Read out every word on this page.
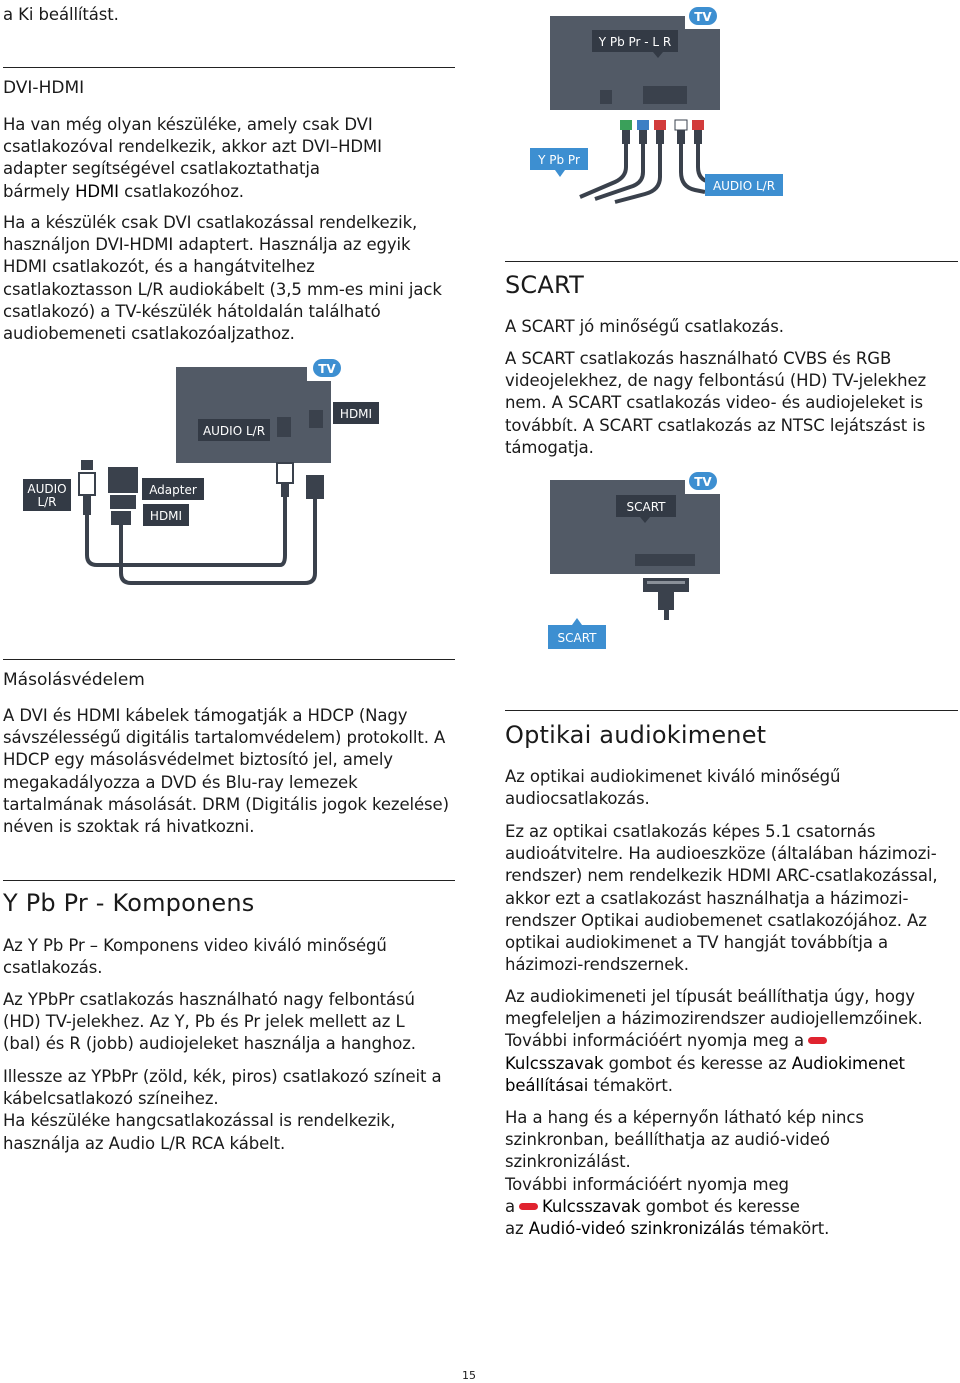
a Ki beállítást.

DVI-HDMI

Ha van még olyan készüléke, amely csak DVI
csatlakozóval rendelkezik, akkor azt DVI–HDMI
adapter segítségével csatlakoztathatja
bármely HDMI csatlakozóhoz.

Ha a készülék csak DVI csatlakozással rendelkezik,
használjon DVI-HDMI adaptert. Használja az egyik
HDMI csatlakozót, és a hangátvitelhez
csatlakoztasson L/R audiokábelt (3,5 mm-es mini jack
csatlakozó) a TV-készülék hátoldalán található
audiobemeneti csatlakozóaljzathoz.

TV
AUDIO L/R
HDMI
AUDIO
L/R
Adapter
HDMI
Másolásvédelem

A DVI és HDMI kábelek támogatják a HDCP (Nagy
sávszélességű digitális tartalomvédelem) protokollt. A
HDCP egy másolásvédelmet biztosító jel, amely
megakadályozza a DVD és Blu-ray lemezek
tartalmának másolását. DRM (Digitális jogok kezelése)
néven is szoktak rá hivatkozni.

Y Pb Pr - Komponens

Az Y Pb Pr – Komponens video kiváló minőségű
csatlakozás.

Az YPbPr csatlakozás használható nagy felbontású
(HD) TV-jelekhez. Az Y, Pb és Pr jelek mellett az L
(bal) és R (jobb) audiojeleket használja a hanghoz.

Illessze az YPbPr (zöld, kék, piros) csatlakozó színeit a
kábelcsatlakozó színeihez.
Ha készüléke hangcsatlakozással is rendelkezik,
használja az Audio L/R RCA kábelt.

TV
Y Pb Pr - L R
Y Pb Pr
AUDIO L/R
SCART

A SCART jó minőségű csatlakozás.

A SCART csatlakozás használható CVBS és RGB
videojelekhez, de nagy felbontású (HD) TV-jelekhez
nem. A SCART csatlakozás video- és audiojeleket is
továbbít. A SCART csatlakozás az NTSC lejátszást is
támogatja.

TV
SCART
SCART
Optikai audiokimenet

Az optikai audiokimenet kiváló minőségű
audiocsatlakozás.

Ez az optikai csatlakozás képes 5.1 csatornás
audioátvitelre. Ha audioeszköze (általában házimozi-
rendszer) nem rendelkezik HDMI ARC-csatlakozással,
akkor ezt a csatlakozást használhatja a házimozi-
rendszer Optikai audiobemenet csatlakozójához. Az
optikai audiokimenet a TV hangját továbbítja a
házimozi-rendszernek.

Az audiokimeneti jel típusát beállíthatja úgy, hogy
megfeleljen a házimozirendszer audiojellemzőinek.
További információért nyomja meg a
Kulcsszavak gombot és keresse az Audiokimenet
beállításai témakört.

Ha a hang és a képernyőn látható kép nincs
szinkronban, beállíthatja az audió-videó
szinkronizálást.
További információért nyomja meg
a Kulcsszavak gombot és keresse
az Audió-videó szinkronizálás témakört.

15
